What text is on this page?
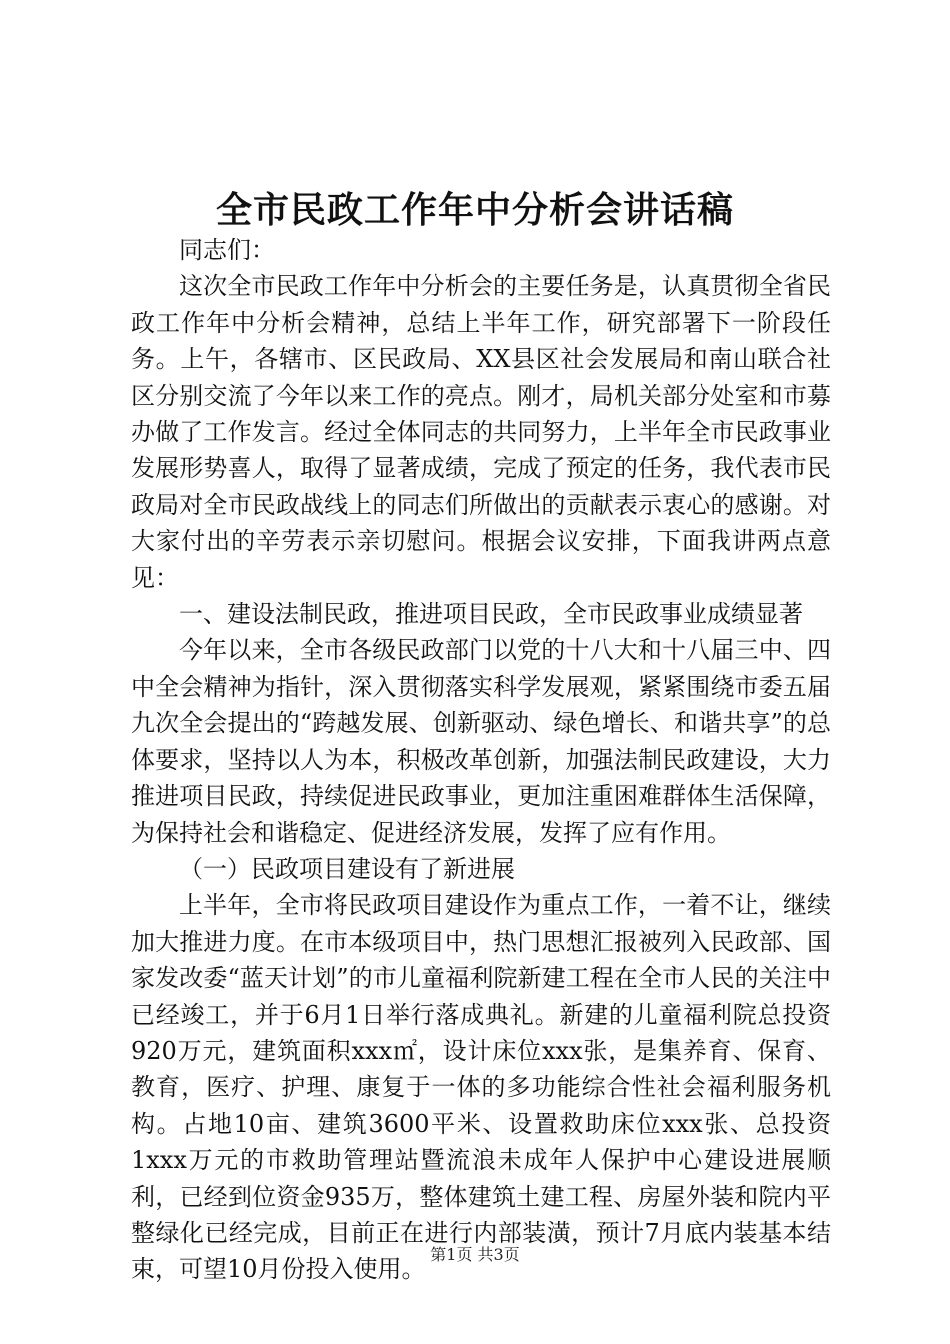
全市民政工作年中分析会讲话稿

同志们：

这次全市民政工作年中分析会的主要任务是，认真贯彻全省民政工作年中分析会精神，总结上半年工作，研究部署下一阶段任务。上午，各辖市、区民政局、XX县区社会发展局和南山联合社区分别交流了今年以来工作的亮点。刚才，局机关部分处室和市募办做了工作发言。经过全体同志的共同努力，上半年全市民政事业发展形势喜人，取得了显著成绩，完成了预定的任务，我代表市民政局对全市民政战线上的同志们所做出的贡献表示衷心的感谢。对大家付出的辛劳表示亲切慰问。根据会议安排，下面我讲两点意见：

一、建设法制民政，推进项目民政，全市民政事业成绩显著

今年以来，全市各级民政部门以党的十八大和十八届三中、四中全会精神为指针，深入贯彻落实科学发展观，紧紧围绕市委五届九次全会提出的“跨越发展、创新驱动、绿色增长、和谐共享”的总体要求，坚持以人为本，积极改革创新，加强法制民政建设，大力推进项目民政，持续促进民政事业，更加注重困难群体生活保障，为保持社会和谐稳定、促进经济发展，发挥了应有作用。

（一）民政项目建设有了新进展

上半年，全市将民政项目建设作为重点工作，一着不让，继续加大推进力度。在市本级项目中，热门思想汇报被列入民政部、国家发改委“蓝天计划”的市儿童福利院新建工程在全市人民的关注中已经竣工，并于6月1日举行落成典礼。新建的儿童福利院总投资920万元，建筑面积xxx㎡，设计床位xxx张，是集养育、保育、教育，医疗、护理、康复于一体的多功能综合性社会福利服务机构。占地10亩、建筑3600平米、设置救助床位xxx张、总投资1xxx万元的市救助管理站暨流浪未成年人保护中心建设进展顺利，已经到位资金935万，整体建筑土建工程、房屋外装和院内平整绿化已经完成，目前正在进行内部装潢，预计7月底内装基本结束，可望10月份投入使用。

第1页 共3页
